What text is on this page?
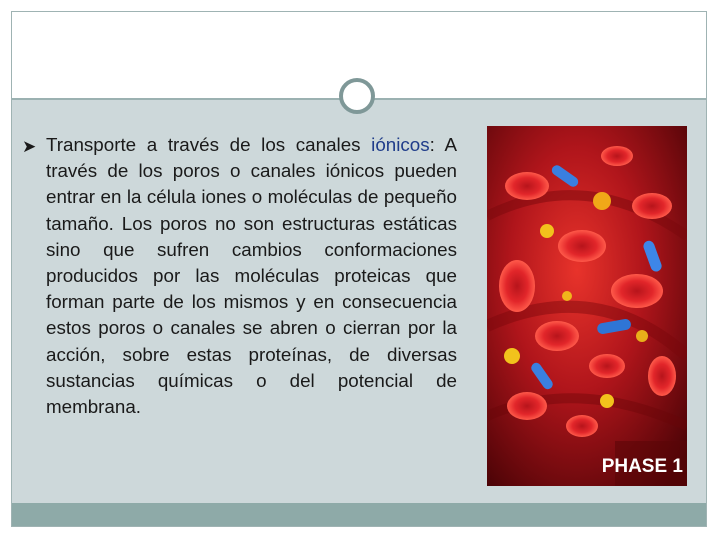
➤ Transporte a través de los canales iónicos: A través de los poros o canales iónicos pueden entrar en la célula iones o moléculas de pequeño tamaño. Los poros no son estructuras estáticas sino que sufren cambios conformaciones producidos por las moléculas proteicas que forman parte de los mismos y en consecuencia estos poros o canales se abren o cierran por la acción, sobre estas proteínas, de diversas sustancias químicas o del potencial de membrana.

PHASE 1
